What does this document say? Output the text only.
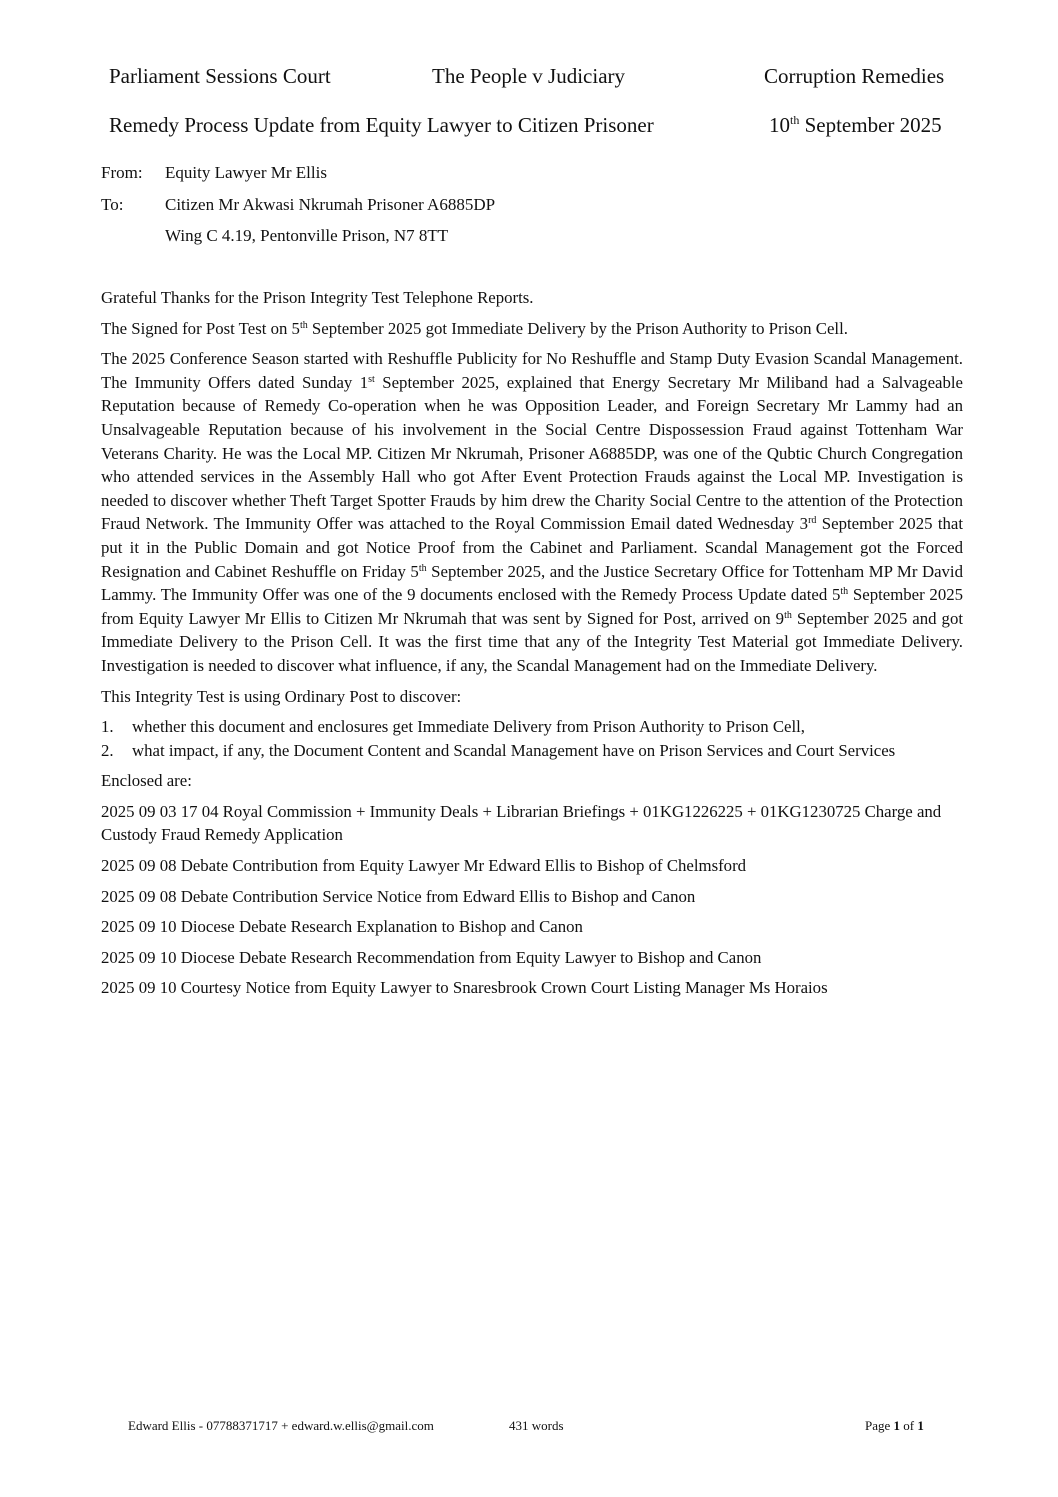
Parliament Sessions Court	The People v Judiciary	Corruption Remedies
Remedy Process Update from Equity Lawyer to Citizen Prisoner	10th September 2025
From: Equity Lawyer Mr Ellis
To: Citizen Mr Akwasi Nkrumah Prisoner A6885DP
Wing C 4.19, Pentonville Prison, N7 8TT

Grateful Thanks for the Prison Integrity Test Telephone Reports.

The Signed for Post Test on 5th September 2025 got Immediate Delivery by the Prison Authority to Prison Cell.

The 2025 Conference Season started with Reshuffle Publicity for No Reshuffle and Stamp Duty Evasion Scandal Management. The Immunity Offers dated Sunday 1st September 2025, explained that Energy Secretary Mr Miliband had a Salvageable Reputation because of Remedy Co-operation when he was Opposition Leader, and Foreign Secretary Mr Lammy had an Unsalvageable Reputation because of his involvement in the Social Centre Dispossession Fraud against Tottenham War Veterans Charity. He was the Local MP. Citizen Mr Nkrumah, Prisoner A6885DP, was one of the Qubtic Church Congregation who attended services in the Assembly Hall who got After Event Protection Frauds against the Local MP. Investigation is needed to discover whether Theft Target Spotter Frauds by him drew the Charity Social Centre to the attention of the Protection Fraud Network. The Immunity Offer was attached to the Royal Commission Email dated Wednesday 3rd September 2025 that put it in the Public Domain and got Notice Proof from the Cabinet and Parliament. Scandal Management got the Forced Resignation and Cabinet Reshuffle on Friday 5th September 2025, and the Justice Secretary Office for Tottenham MP Mr David Lammy. The Immunity Offer was one of the 9 documents enclosed with the Remedy Process Update dated 5th September 2025 from Equity Lawyer Mr Ellis to Citizen Mr Nkrumah that was sent by Signed for Post, arrived on 9th September 2025 and got Immediate Delivery to the Prison Cell. It was the first time that any of the Integrity Test Material got Immediate Delivery. Investigation is needed to discover what influence, if any, the Scandal Management had on the Immediate Delivery.

This Integrity Test is using Ordinary Post to discover:

1. whether this document and enclosures get Immediate Delivery from Prison Authority to Prison Cell,
2. what impact, if any, the Document Content and Scandal Management have on Prison Services and Court Services

Enclosed are:

2025 09 03 17 04 Royal Commission + Immunity Deals + Librarian Briefings + 01KG1226225 + 01KG1230725 Charge and Custody Fraud Remedy Application

2025 09 08 Debate Contribution from Equity Lawyer Mr Edward Ellis to Bishop of Chelmsford

2025 09 08 Debate Contribution Service Notice from Edward Ellis to Bishop and Canon

2025 09 10 Diocese Debate Research Explanation to Bishop and Canon

2025 09 10 Diocese Debate Research Recommendation from Equity Lawyer to Bishop and Canon

2025 09 10 Courtesy Notice from Equity Lawyer to Snaresbrook Crown Court Listing Manager Ms Horaios

Edward Ellis - 07788371717 + edward.w.ellis@gmail.com	431 words	Page 1 of 1
